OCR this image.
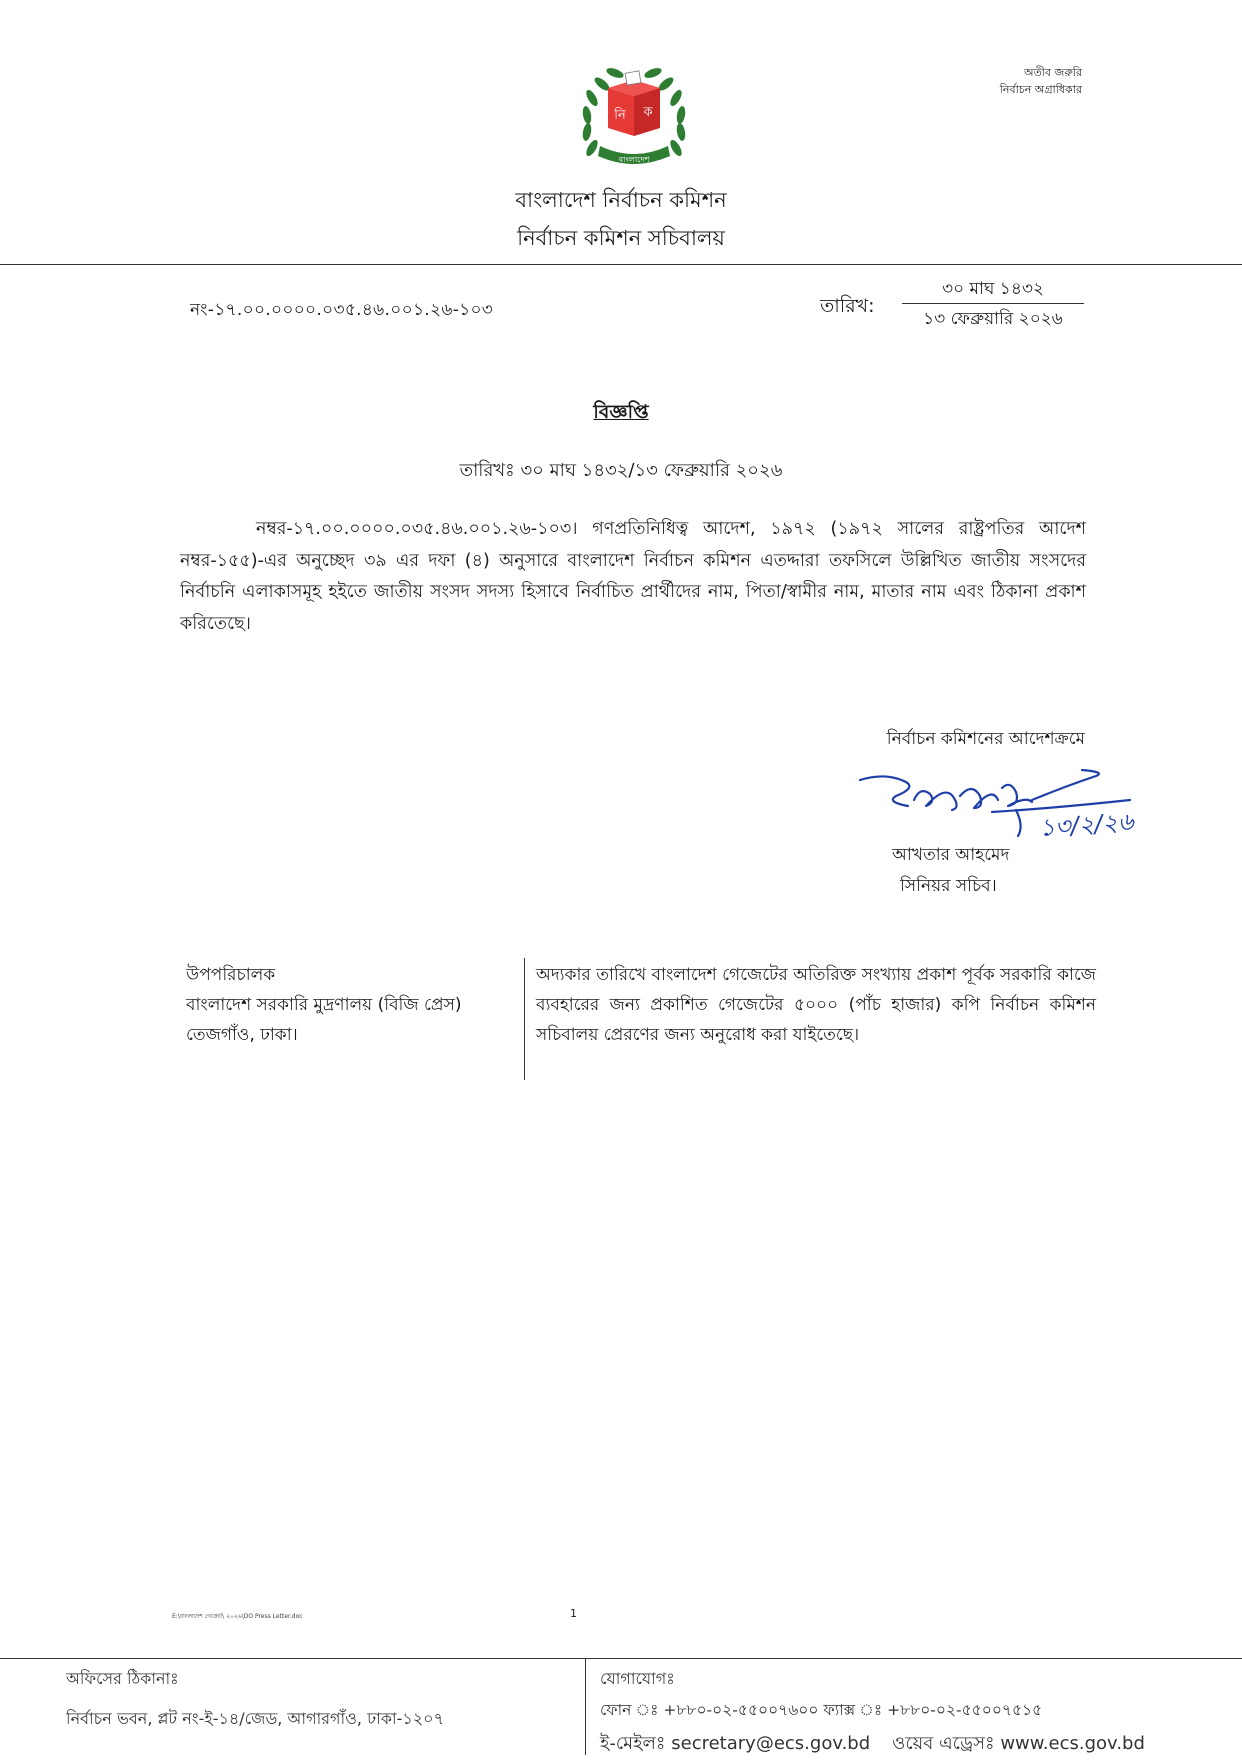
অতীব জরুরি
নির্বাচন অগ্রাধিকার
নি ক
বাংলাদেশ
বাংলাদেশ নির্বাচন কমিশন
নির্বাচন কমিশন সচিবালয়
নং-১৭.০০.০০০০.০৩৫.৪৬.০০১.২৬-১০৩	তারিখ:
৩০ মাঘ ১৪৩২
১৩ ফেব্রুয়ারি ২০২৬
বিজ্ঞপ্তি
তারিখঃ ৩০ মাঘ ১৪৩২/১৩ ফেব্রুয়ারি ২০২৬
নম্বর-১৭.০০.০০০০.০৩৫.৪৬.০০১.২৬-১০৩। গণপ্রতিনিধিত্ব আদেশ, ১৯৭২ (১৯৭২ সালের রাষ্ট্রপতির আদেশ নম্বর-১৫৫)-এর অনুচ্ছেদ ৩৯ এর দফা (৪) অনুসারে বাংলাদেশ নির্বাচন কমিশন এতদ্দারা তফসিলে উল্লিখিত জাতীয় সংসদের নির্বাচনি এলাকাসমূহ হইতে জাতীয় সংসদ সদস্য হিসাবে নির্বাচিত প্রার্থীদের নাম, পিতা/স্বামীর নাম, মাতার নাম এবং ঠিকানা প্রকাশ করিতেছে।
নির্বাচন কমিশনের আদেশক্রমে
১৩/২/২৬
আখতার আহমেদ
সিনিয়র সচিব।
উপপরিচালক
বাংলাদেশ সরকারি মুদ্রণালয় (বিজি প্রেস)
তেজগাঁও, ঢাকা।
অদ্যকার তারিখে বাংলাদেশ গেজেটের অতিরিক্ত সংখ্যায় প্রকাশ পূর্বক সরকারি কাজে ব্যবহারের জন্য প্রকাশিত গেজেটের ৫০০০ (পাঁচ হাজার) কপি নির্বাচন কমিশন সচিবালয় প্রেরণের জন্য অনুরোধ করা যাইতেছে।
E:\বাংলাদেশ গেজেট\ ২০২৬\DO Press Letter.doc	1
অফিসের ঠিকানাঃ
নির্বাচন ভবন, প্লট নং-ই-১৪/জেড, আগারগাঁও, ঢাকা-১২০৭
যোগাযোগঃ
ফোন ঃ +৮৮০-০২-৫৫০০৭৬০০ ফ্যাক্স ঃ +৮৮০-০২-৫৫০০৭৫১৫
ই-মেইলঃ secretary@ecs.gov.bd ওয়েব এড্রেসঃ www.ecs.gov.bd
